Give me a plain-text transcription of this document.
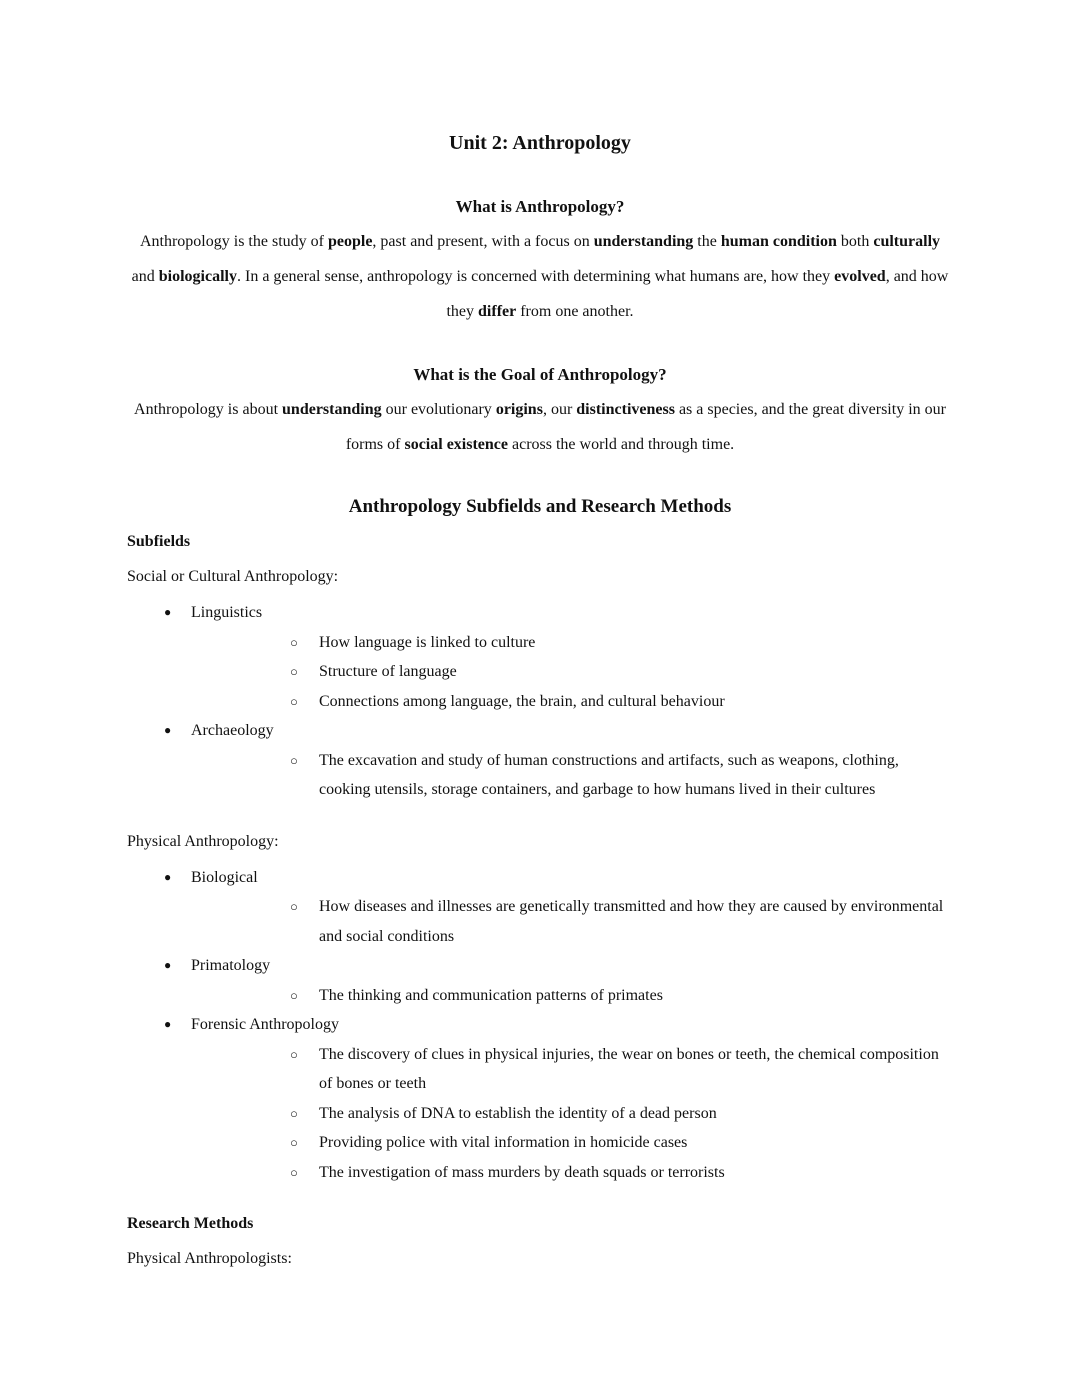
Unit 2: Anthropology
What is Anthropology?

Anthropology is the study of people, past and present, with a focus on understanding the human condition both culturally and biologically. In a general sense, anthropology is concerned with determining what humans are, how they evolved, and how they differ from one another.

What is the Goal of Anthropology?

Anthropology is about understanding our evolutionary origins, our distinctiveness as a species, and the great diversity in our forms of social existence across the world and through time.

Anthropology Subfields and Research Methods
Subfields
Social or Cultural Anthropology:
● Linguistics
○ How language is linked to culture
○ Structure of language
○ Connections among language, the brain, and cultural behaviour
● Archaeology
○ The excavation and study of human constructions and artifacts, such as weapons, clothing, cooking utensils, storage containers, and garbage to how humans lived in their cultures
Physical Anthropology:
● Biological
○ How diseases and illnesses are genetically transmitted and how they are caused by environmental and social conditions
● Primatology
○ The thinking and communication patterns of primates
● Forensic Anthropology
○ The discovery of clues in physical injuries, the wear on bones or teeth, the chemical composition of bones or teeth
○ The analysis of DNA to establish the identity of a dead person
○ Providing police with vital information in homicide cases
○ The investigation of mass murders by death squads or terrorists
Research Methods
Physical Anthropologists:
